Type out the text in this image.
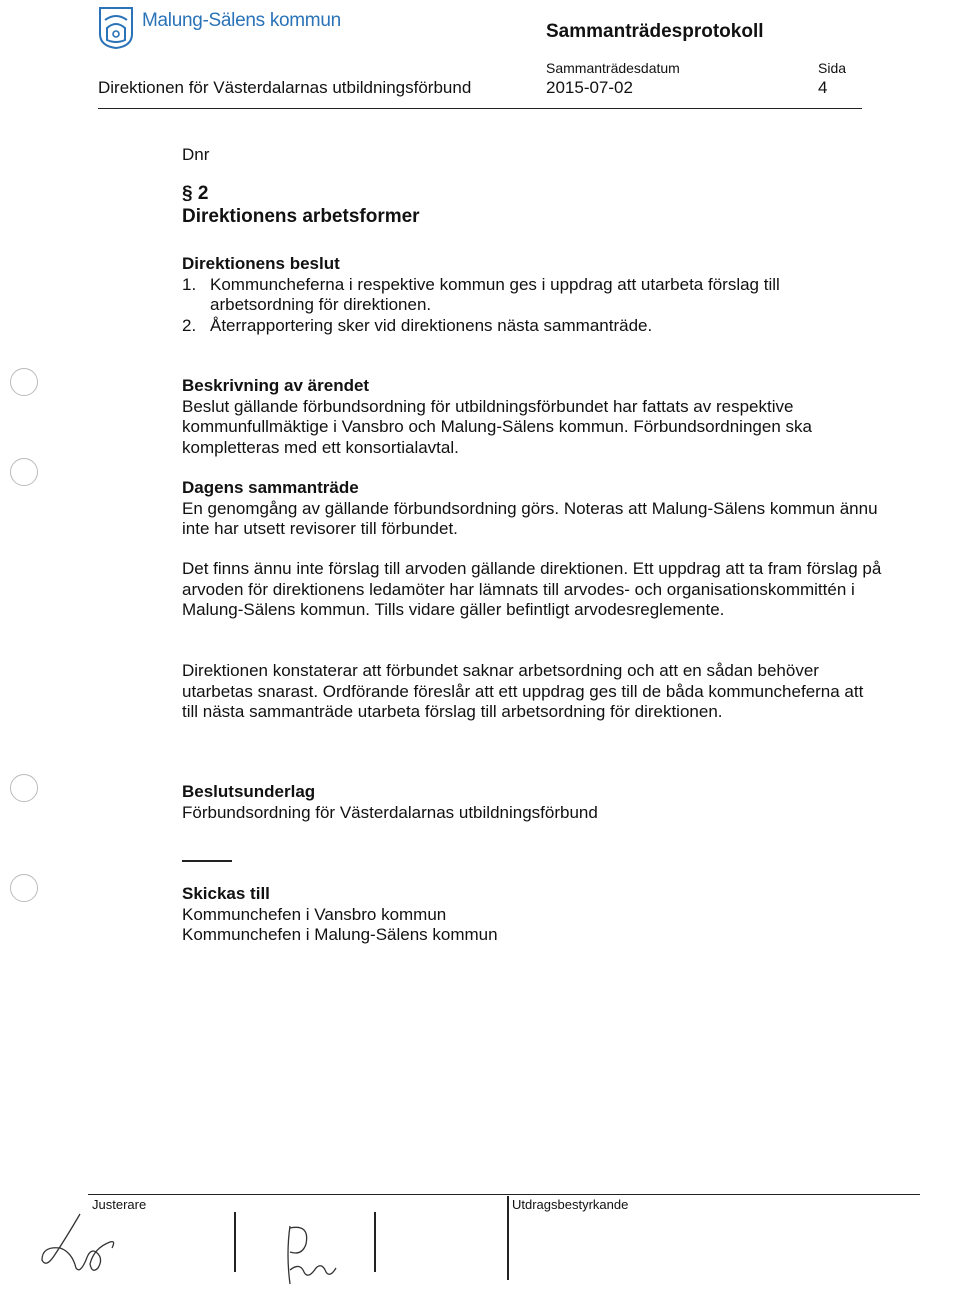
Malung-Sälens kommun
Sammanträdesprotokoll
Direktionen för Västerdalarnas utbildningsförbund
Sammanträdesdatum
2015-07-02
Sida
4
Dnr
§ 2
Direktionens arbetsformer
Direktionens beslut
1. Kommuncheferna i respektive kommun ges i uppdrag att utarbeta förslag till arbetsordning för direktionen.
2. Återrapportering sker vid direktionens nästa sammanträde.
Beskrivning av ärendet

Beslut gällande förbundsordning för utbildningsförbundet har fattats av respektive kommunfullmäktige i Vansbro och Malung-Sälens kommun. Förbundsordningen ska kompletteras med ett konsortialavtal.

Dagens sammanträde

En genomgång av gällande förbundsordning görs. Noteras att Malung-Sälens kommun ännu inte har utsett revisorer till förbundet.

Det finns ännu inte förslag till arvoden gällande direktionen. Ett uppdrag att ta fram förslag på arvoden för direktionens ledamöter har lämnats till arvodes- och organisationskommittén i Malung-Sälens kommun. Tills vidare gäller befintligt arvodesreglemente.

Direktionen konstaterar att förbundet saknar arbetsordning och att en sådan behöver utarbetas snarast. Ordförande föreslår att ett uppdrag ges till de båda kommuncheferna att till nästa sammanträde utarbeta förslag till arbetsordning för direktionen.

Beslutsunderlag
Förbundsordning för Västerdalarnas utbildningsförbund
Skickas till
Kommunchefen i Vansbro kommun
Kommunchefen i Malung-Sälens kommun
Justerare	Utdragsbestyrkande
